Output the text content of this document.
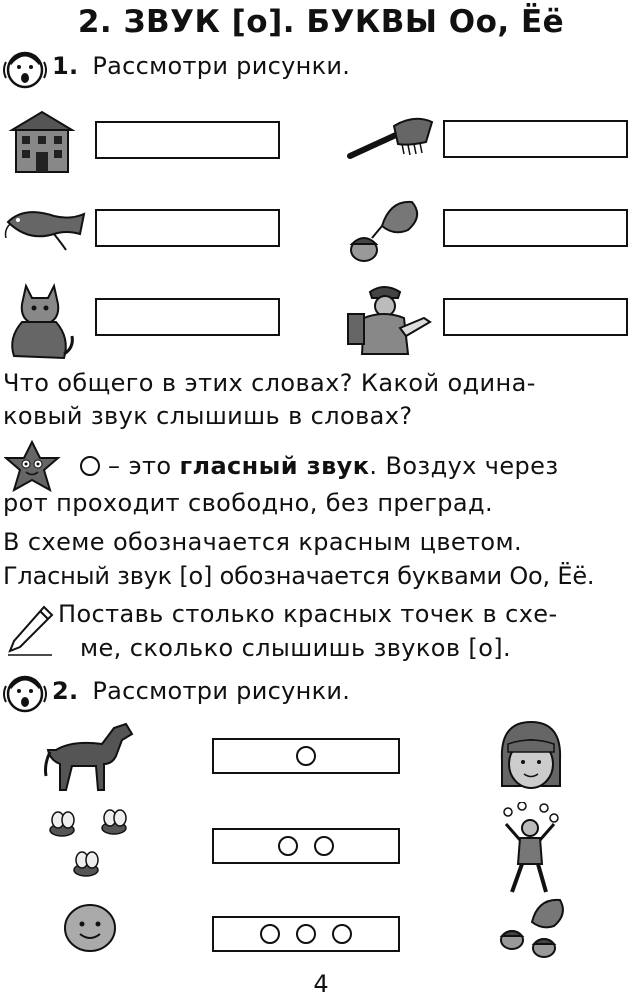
2. ЗВУК [о]. БУКВЫ Оо, Ёё
1. Рассмотри рисунки.
Что общего в этих словах? Какой одина-
ковый звук слышишь в словах?
– это гласный звук. Воздух через
рот проходит свободно, без преград.
В схеме обозначается красным цветом.
Гласный звук [о] обозначается буквами Оо, Ёё.
Поставь столько красных точек в схе-
ме, сколько слышишь звуков [о].
2. Рассмотри рисунки.
4
